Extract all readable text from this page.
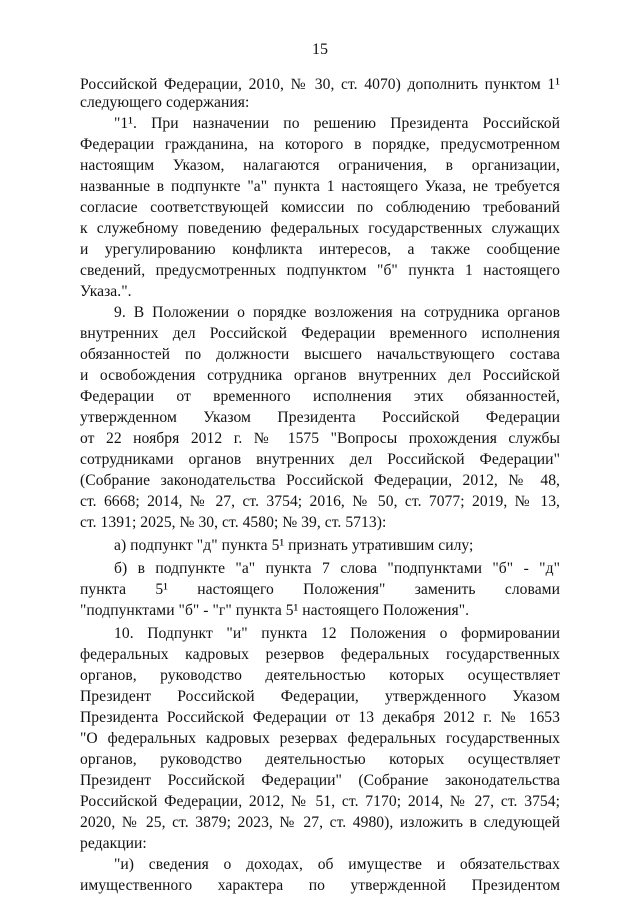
15
Российской Федерации, 2010, № 30, ст. 4070) дополнить пунктом 1¹
следующего содержания:
"1¹. При назначении по решению Президента Российской
Федерации гражданина, на которого в порядке, предусмотренном
настоящим Указом, налагаются ограничения, в организации,
названные в подпункте "а" пункта 1 настоящего Указа, не требуется
согласие соответствующей комиссии по соблюдению требований
к служебному поведению федеральных государственных служащих
и урегулированию конфликта интересов, а также сообщение
сведений, предусмотренных подпунктом "б" пункта 1 настоящего
Указа.".
9. В Положении о порядке возложения на сотрудника органов
внутренних дел Российской Федерации временного исполнения
обязанностей по должности высшего начальствующего состава
и освобождения сотрудника органов внутренних дел Российской
Федерации от временного исполнения этих обязанностей,
утвержденном Указом Президента Российской Федерации
от 22 ноября 2012 г. № 1575 "Вопросы прохождения службы
сотрудниками органов внутренних дел Российской Федерации"
(Собрание законодательства Российской Федерации, 2012, № 48,
ст. 6668; 2014, № 27, ст. 3754; 2016, № 50, ст. 7077; 2019, № 13,
ст. 1391; 2025, № 30, ст. 4580; № 39, ст. 5713):
а) подпункт "д" пункта 5¹ признать утратившим силу;
б) в подпункте "а" пункта 7 слова "подпунктами "б" - "д"
пункта 5¹ настоящего Положения" заменить словами
"подпунктами "б" - "г" пункта 5¹ настоящего Положения".
10. Подпункт "и" пункта 12 Положения о формировании
федеральных кадровых резервов федеральных государственных
органов, руководство деятельностью которых осуществляет
Президент Российской Федерации, утвержденного Указом
Президента Российской Федерации от 13 декабря 2012 г. № 1653
"О федеральных кадровых резервах федеральных государственных
органов, руководство деятельностью которых осуществляет
Президент Российской Федерации" (Собрание законодательства
Российской Федерации, 2012, № 51, ст. 7170; 2014, № 27, ст. 3754;
2020, № 25, ст. 3879; 2023, № 27, ст. 4980), изложить в следующей
редакции:
"и) сведения о доходах, об имуществе и обязательствах
имущественного характера по утвержденной Президентом
